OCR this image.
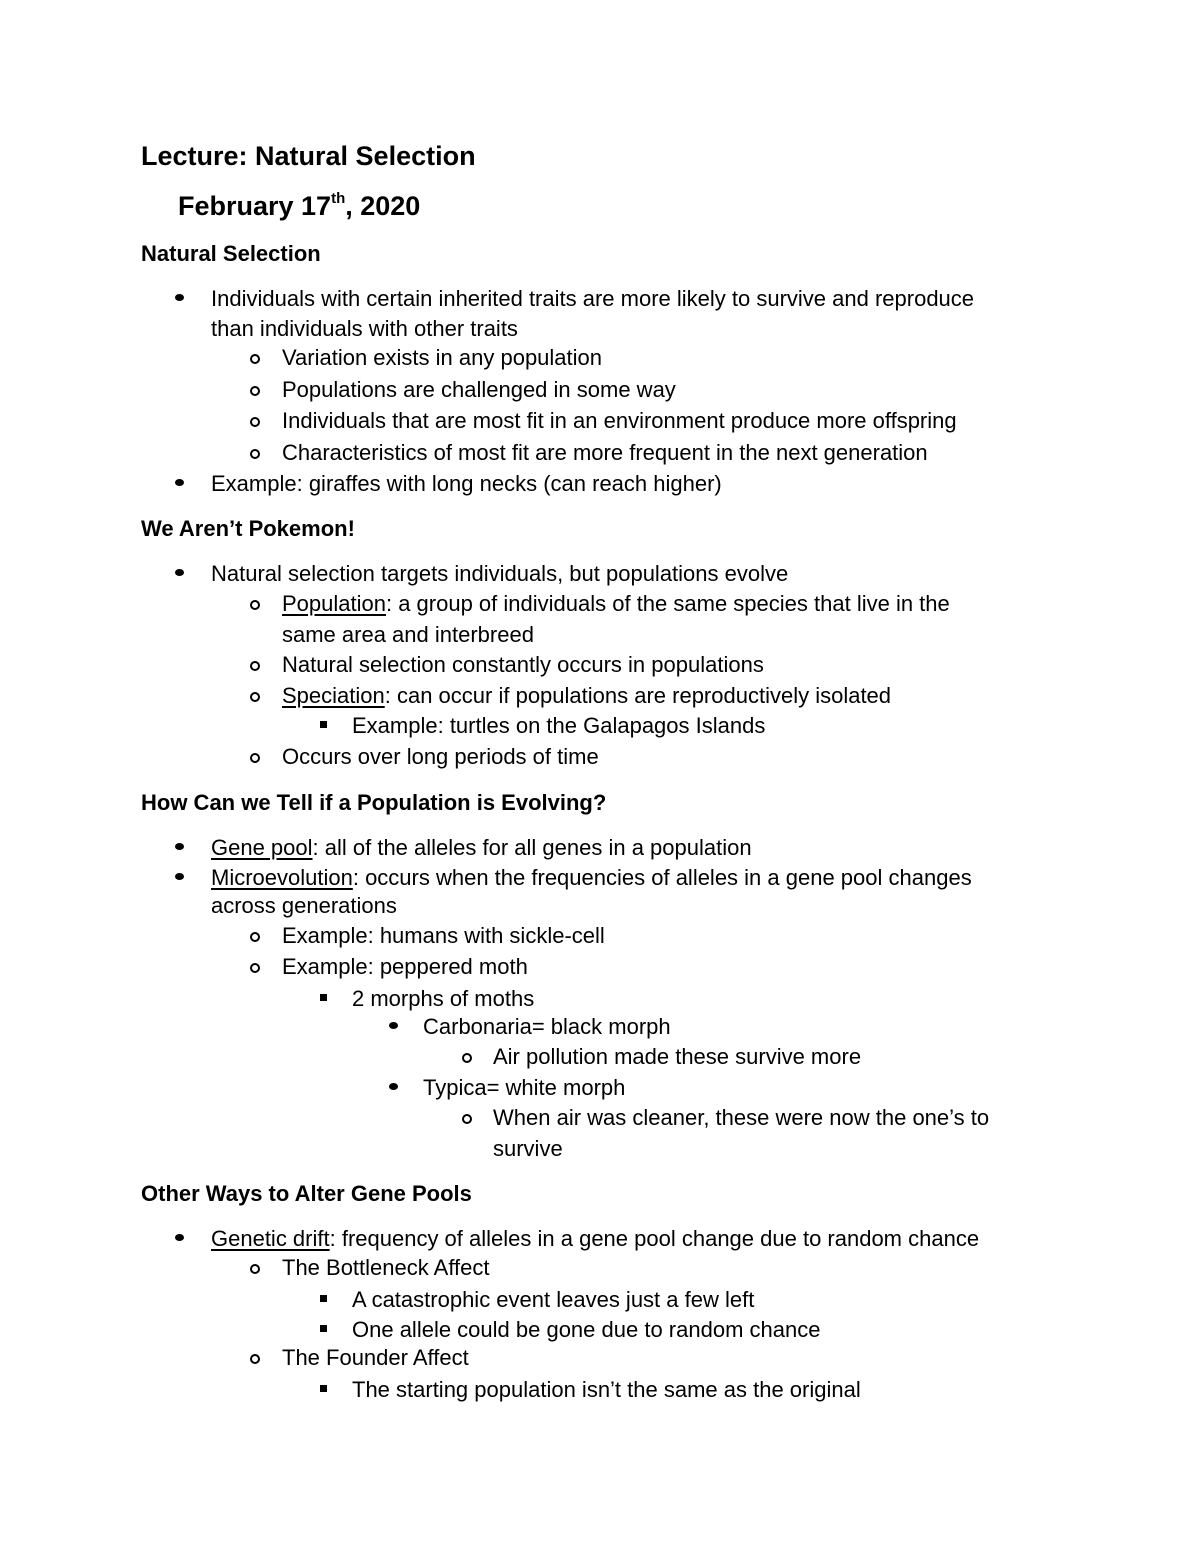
Lecture: Natural Selection
February 17th, 2020
Natural Selection
Individuals with certain inherited traits are more likely to survive and reproduce
than individuals with other traits
Variation exists in any population
Populations are challenged in some way
Individuals that are most fit in an environment produce more offspring
Characteristics of most fit are more frequent in the next generation
Example: giraffes with long necks (can reach higher)
We Aren’t Pokemon!
Natural selection targets individuals, but populations evolve
Population: a group of individuals of the same species that live in the
same area and interbreed
Natural selection constantly occurs in populations
Speciation: can occur if populations are reproductively isolated
Example: turtles on the Galapagos Islands
Occurs over long periods of time
How Can we Tell if a Population is Evolving?
Gene pool: all of the alleles for all genes in a population
Microevolution: occurs when the frequencies of alleles in a gene pool changes
across generations
Example: humans with sickle-cell
Example: peppered moth
2 morphs of moths
Carbonaria= black morph
Air pollution made these survive more
Typica= white morph
When air was cleaner, these were now the one’s to
survive
Other Ways to Alter Gene Pools
Genetic drift: frequency of alleles in a gene pool change due to random chance
The Bottleneck Affect
A catastrophic event leaves just a few left
One allele could be gone due to random chance
The Founder Affect
The starting population isn’t the same as the original
